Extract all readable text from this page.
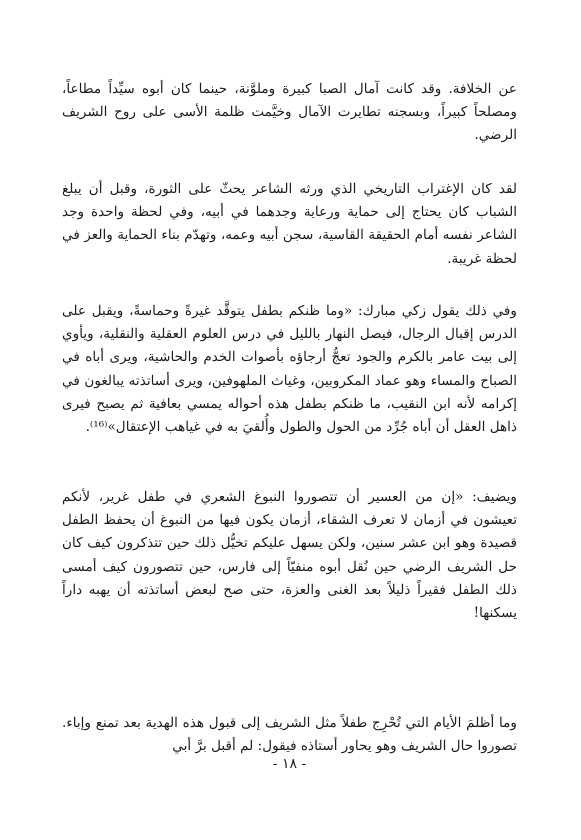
عن الخلافة. وقد كانت آمال الصبا كبيرة وملوَّنة، حينما كان أبوه سيِّداً مطاعاً، ومصلحاً كبيراً، وبسجنه تطايرت الآمال وخيَّمت ظلمة الأسى على روح الشريف الرضي.

لقد كان الإغتراب التاريخي الذي ورثه الشاعر يحثّ على الثورة، وقبل أن يبلغ الشباب كان يحتاج إلى حماية ورعاية وجدهما في أبيه، وفي لحظة واحدة وجد الشاعر نفسه أمام الحقيقة القاسية، سجن أبيه وعمه، وتهدّم بناء الحماية والعز في لحظة غريبة.

وفي ذلك يقول زكي مبارك: «وما ظنكم بطفل يتوقَّد غيرةً وحماسةً، ويقبل على الدرس إقبال الرجال، فيصل النهار بالليل في درس العلوم العقلية والنقلية، ويأوي إلى بيت عامر بالكرم والجود تعجُّ أرجاؤه بأصوات الخدم والحاشية، ويرى أباه في الصباح والمساء وهو عماد المكروبين، وغياث الملهوفين، ويرى أساتذته يبالغون في إكرامه لأنه ابن النقيب، ما ظنكم بطفل هذه أحواله يمسي بعافية ثم يصبح فيرى ذاهل العقل أن أباه جُرِّد من الحول والطول وأُلقيَ به في غياهب الإعتقال»⁽¹⁶⁾.

ويضيف: «إن من العسير أن تتصوروا النبوغ الشعري في طفل غرير، لأنكم تعيشون في أزمان لا تعرف الشقاء، أزمان يكون فيها من النبوغ أن يحفظ الطفل قصيدة وهو ابن عشر سنين، ولكن يسهل عليكم تخيُّل ذلك حين تتذكرون كيف كان حل الشريف الرضي حين نُقل أبوه منفيّاً إلى فارس، حين تتصورون كيف أمسى ذلك الطفل فقيراً ذليلاً بعد الغنى والعزة، حتى صح لبعض أساتذته أن يهبه داراً يسكنها!

وما أظلمَ الأيام التي تُحْرِج طفلاً مثل الشريف إلى قبول هذه الهدية بعد تمنع وإباء. تصوروا حال الشريف وهو يحاور أستاذه فيقول: لم أقبل برَّ أبي

- ١٨ -
